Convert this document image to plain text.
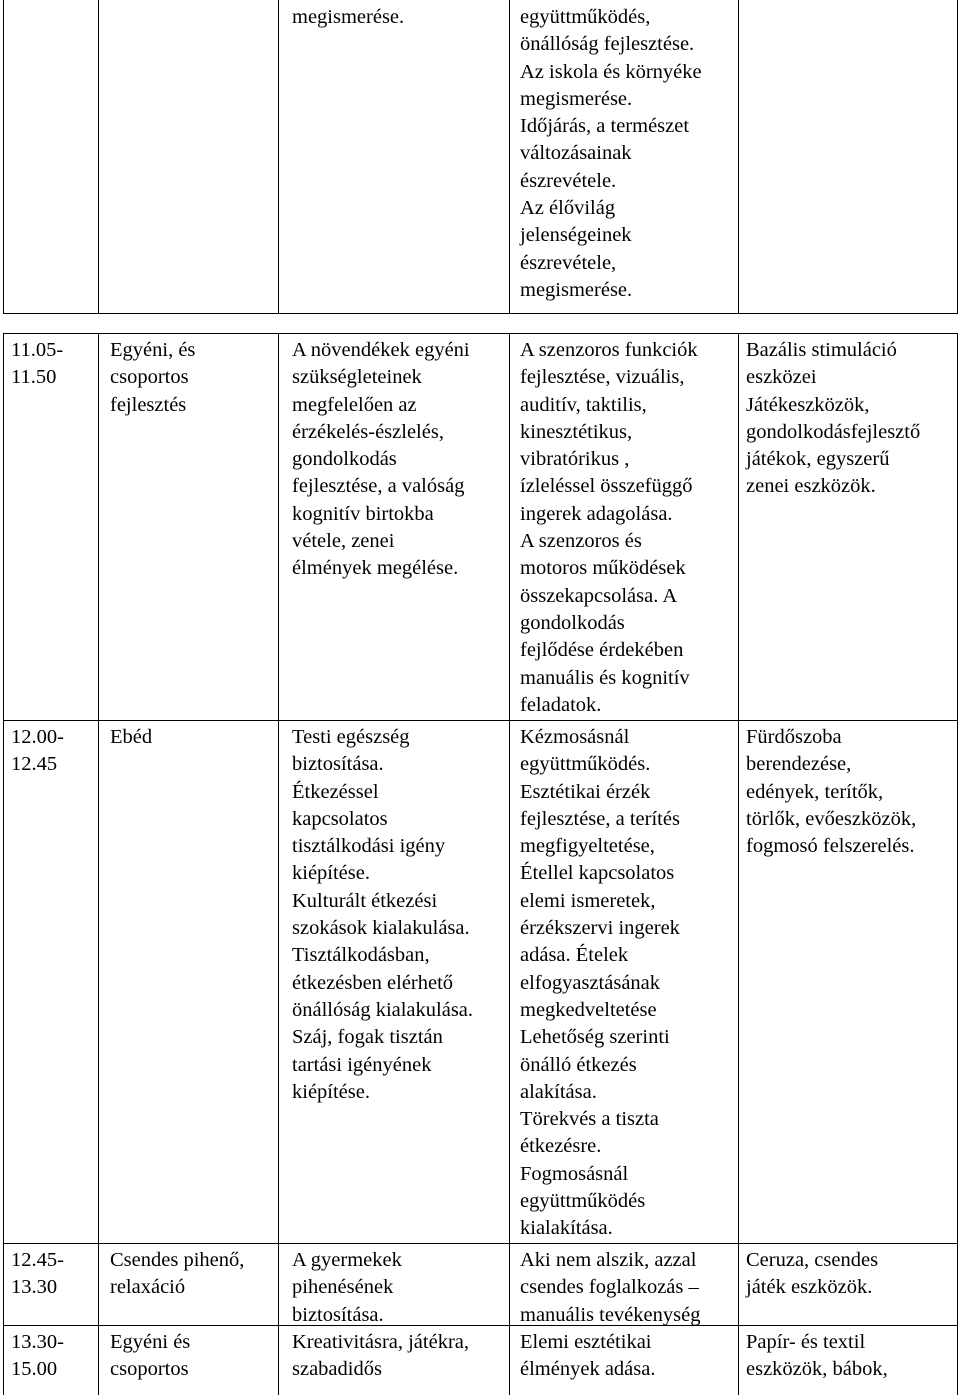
megismerése.	együttműködés,
önállóság fejlesztése.
Az iskola és környéke
megismerése.
Időjárás, a természet
változásainak
észrevétele.
Az élővilág
jelenségeinek
észrevétele,
megismerése.
11.05-
11.50
Egyéni, és
csoportos
fejlesztés
A növendékek egyéni
szükségleteinek
megfelelően az
érzékelés-észlelés,
gondolkodás
fejlesztése, a valóság
kognitív birtokba
vétele, zenei
élmények megélése.
A szenzoros funkciók
fejlesztése, vizuális,
auditív, taktilis,
kinesztétikus,
vibratórikus ,
ízleléssel összefüggő
ingerek adagolása.
A szenzoros és
motoros működések
összekapcsolása. A
gondolkodás
fejlődése érdekében
manuális és kognitív
feladatok.
Bazális stimuláció
eszközei
Játékeszközök,
gondolkodásfejlesztő
játékok, egyszerű
zenei eszközök.
12.00-
12.45
Ebéd	Testi egészség
biztosítása.
Étkezéssel
kapcsolatos
tisztálkodási igény
kiépítése.
Kulturált étkezési
szokások kialakulása.
Tisztálkodásban,
étkezésben elérhető
önállóság kialakulása.
Száj, fogak tisztán
tartási igényének
kiépítése.
Kézmosásnál
együttműködés.
Esztétikai érzék
fejlesztése, a terítés
megfigyeltetése,
Étellel kapcsolatos
elemi ismeretek,
érzékszervi ingerek
adása. Ételek
elfogyasztásának
megkedveltetése
Lehetőség szerinti
önálló étkezés
alakítása.
Törekvés a tiszta
étkezésre.
Fogmosásnál
együttműködés
kialakítása.
Fürdőszoba
berendezése,
edények, terítők,
törlők, evőeszközök,
fogmosó felszerelés.
12.45-
13.30
Csendes pihenő,
relaxáció
A gyermekek
pihenésének
biztosítása.
Aki nem alszik, azzal
csendes foglalkozás –
manuális tevékenység
Ceruza, csendes
játék eszközök.
13.30-
15.00
Egyéni és
csoportos
Kreativitásra, játékra,
szabadidős
Elemi esztétikai
élmények adása.
Papír- és textil
eszközök, bábok,
